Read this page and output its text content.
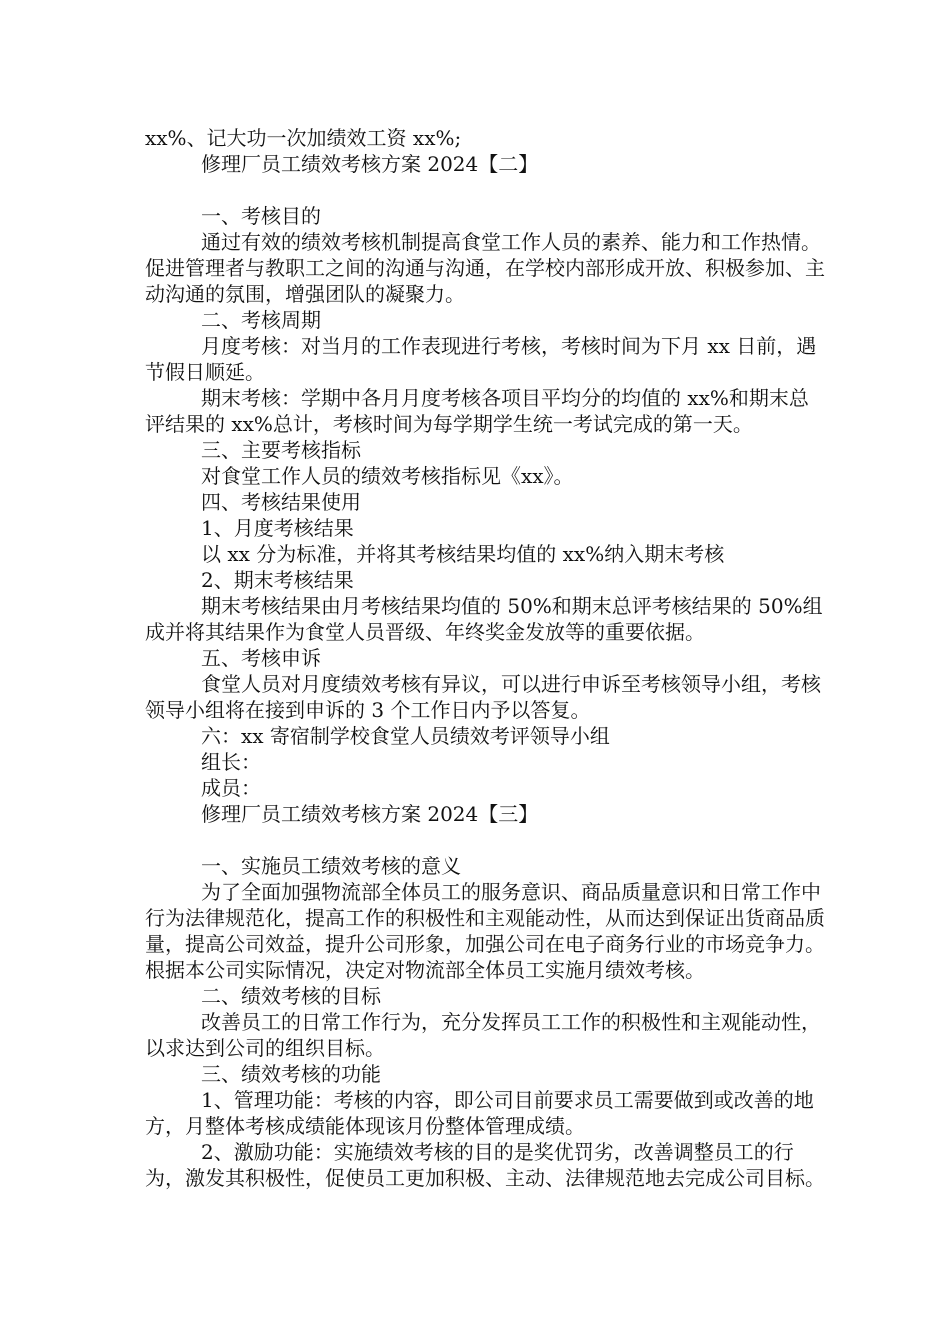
xx%、记大功一次加绩效工资 xx%;
修理厂员工绩效考核方案 2024【二】
一、考核目的
通过有效的绩效考核机制提高食堂工作人员的素养、能力和工作热情。促进管理者与教职工之间的沟通与沟通，在学校内部形成开放、积极参加、主动沟通的氛围，增强团队的凝聚力。
二、考核周期
月度考核：对当月的工作表现进行考核，考核时间为下月 xx 日前，遇节假日顺延。
期末考核：学期中各月月度考核各项目平均分的均值的 xx%和期末总评结果的 xx%总计，考核时间为每学期学生统一考试完成的第一天。
三、主要考核指标
对食堂工作人员的绩效考核指标见《xx》。
四、考核结果使用
1、月度考核结果
以 xx 分为标准，并将其考核结果均值的 xx%纳入期末考核
2、期末考核结果
期末考核结果由月考核结果均值的 50%和期末总评考核结果的 50%组成并将其结果作为食堂人员晋级、年终奖金发放等的重要依据。
五、考核申诉
食堂人员对月度绩效考核有异议，可以进行申诉至考核领导小组，考核领导小组将在接到申诉的 3 个工作日内予以答复。
六：xx 寄宿制学校食堂人员绩效考评领导小组
组长：
成员：
修理厂员工绩效考核方案 2024【三】
一、实施员工绩效考核的意义
为了全面加强物流部全体员工的服务意识、商品质量意识和日常工作中行为法律规范化，提高工作的积极性和主观能动性，从而达到保证出货商品质量，提高公司效益，提升公司形象，加强公司在电子商务行业的市场竞争力。根据本公司实际情况，决定对物流部全体员工实施月绩效考核。
二、绩效考核的目标
改善员工的日常工作行为，充分发挥员工工作的积极性和主观能动性，以求达到公司的组织目标。
三、绩效考核的功能
1、管理功能：考核的内容，即公司目前要求员工需要做到或改善的地方，月整体考核成绩能体现该月份整体管理成绩。
2、激励功能：实施绩效考核的目的是奖优罚劣，改善调整员工的行为，激发其积极性，促使员工更加积极、主动、法律规范地去完成公司目标。
